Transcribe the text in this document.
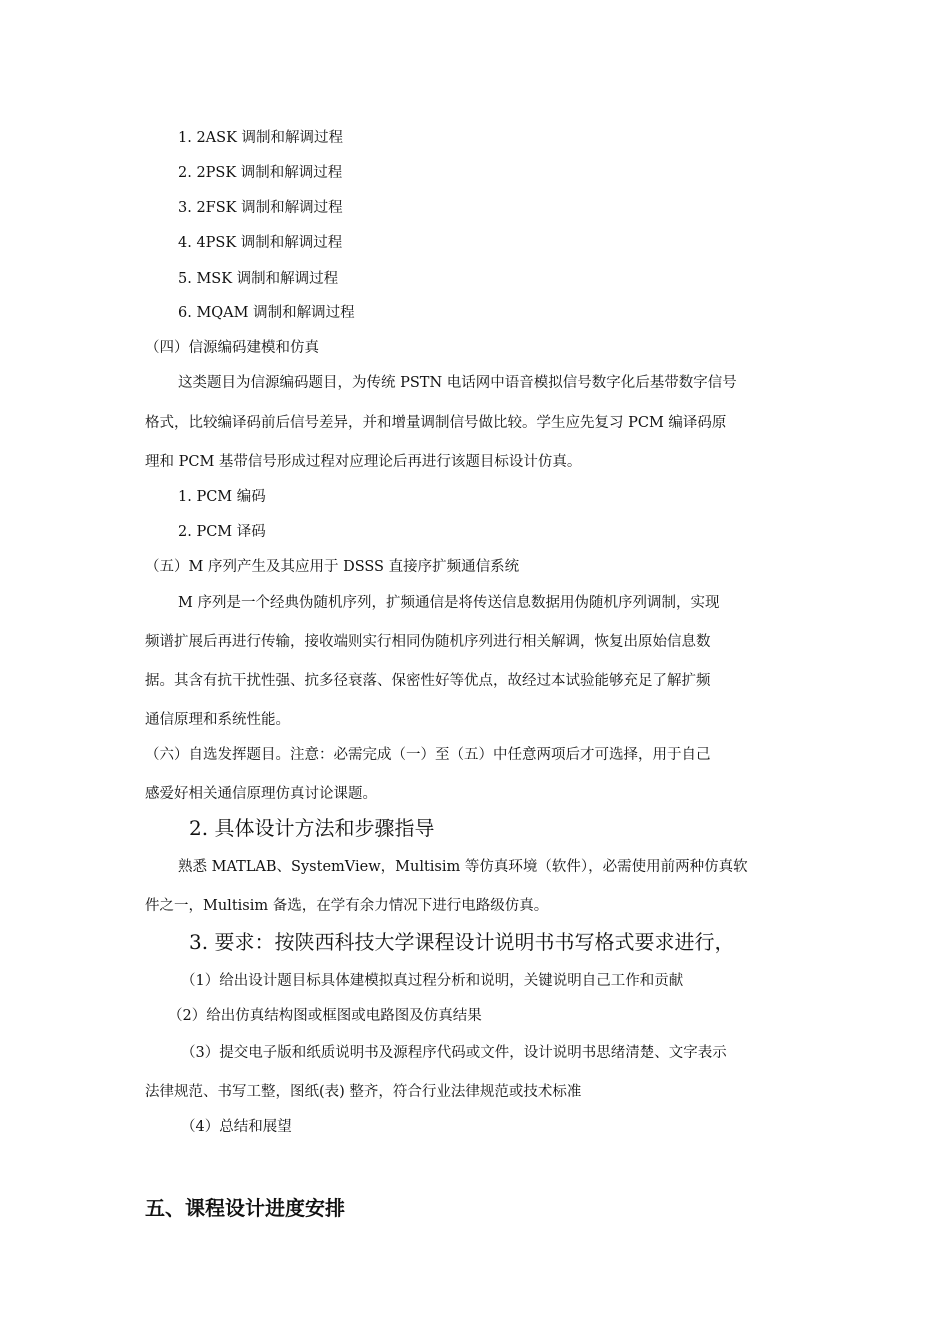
1. 2ASK 调制和解调过程
2. 2PSK 调制和解调过程
3. 2FSK 调制和解调过程
4. 4PSK 调制和解调过程
5. MSK 调制和解调过程
6. MQAM 调制和解调过程
（四）信源编码建模和仿真
这类题目为信源编码题目，为传统 PSTN 电话网中语音模拟信号数字化后基带数字信号
格式，比较编译码前后信号差异，并和增量调制信号做比较。学生应先复习 PCM 编译码原
理和 PCM 基带信号形成过程对应理论后再进行该题目标设计仿真。
1. PCM 编码
2. PCM 译码
（五）M 序列产生及其应用于 DSSS 直接序扩频通信系统
M 序列是一个经典伪随机序列，扩频通信是将传送信息数据用伪随机序列调制，实现
频谱扩展后再进行传输，接收端则实行相同伪随机序列进行相关解调，恢复出原始信息数
据。其含有抗干扰性强、抗多径衰落、保密性好等优点，故经过本试验能够充足了解扩频
通信原理和系统性能。
（六）自选发挥题目。注意：必需完成（一）至（五）中任意两项后才可选择，用于自己
感爱好相关通信原理仿真讨论课题。
2. 具体设计方法和步骤指导
熟悉 MATLAB、SystemView，Multisim 等仿真环境（软件），必需使用前两种仿真软
件之一，Multisim 备选，在学有余力情况下进行电路级仿真。
3. 要求：按陕西科技大学课程设计说明书书写格式要求进行，
（1）给出设计题目标具体建模拟真过程分析和说明，关键说明自己工作和贡献
（2）给出仿真结构图或框图或电路图及仿真结果
（3）提交电子版和纸质说明书及源程序代码或文件，设计说明书思绪清楚、文字表示
法律规范、书写工整，图纸(表) 整齐，符合行业法律规范或技术标准
（4）总结和展望
五、课程设计进度安排
